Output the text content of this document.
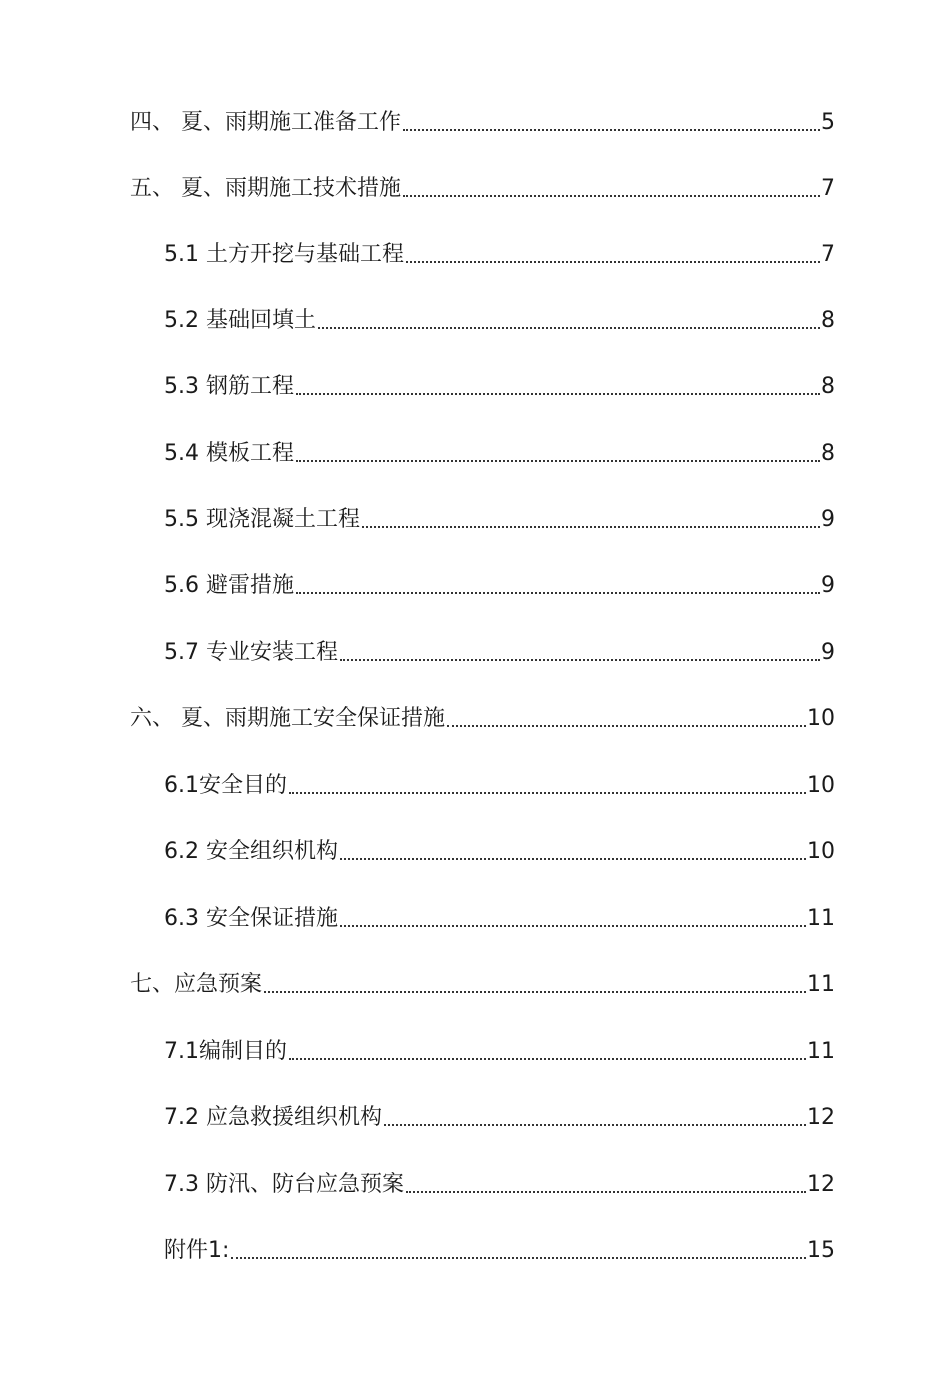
四、 夏、雨期施工准备工作	5
五、 夏、雨期施工技术措施	7
5.1 土方开挖与基础工程	7
5.2 基础回填土	8
5.3 钢筋工程	8
5.4 模板工程	8
5.5 现浇混凝土工程	9
5.6 避雷措施	9
5.7 专业安装工程	9
六、 夏、雨期施工安全保证措施	10
6.1安全目的	10
6.2 安全组织机构	10
6.3 安全保证措施	11
七、应急预案	11
7.1编制目的	11
7.2 应急救援组织机构	12
7.3 防汛、防台应急预案	12
附件1:	15
